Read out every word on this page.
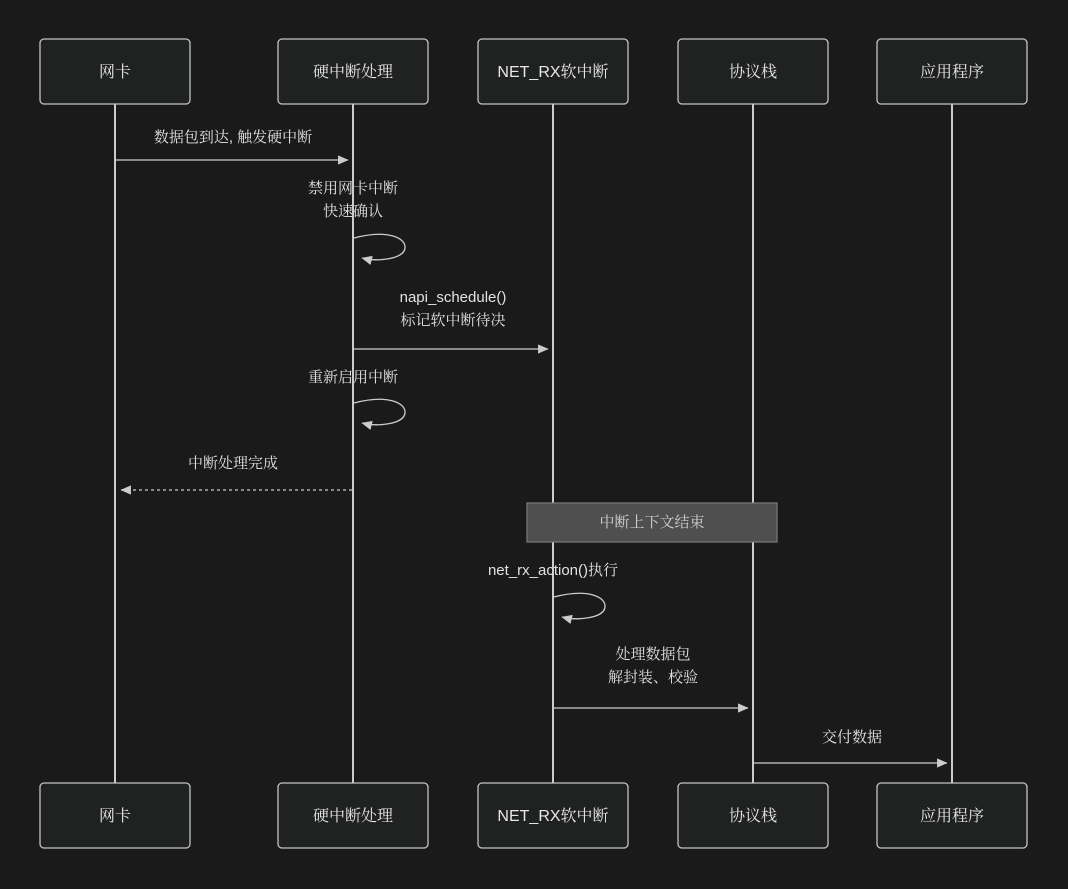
网卡	硬中断处理	NET_RX软中断	协议栈	应用程序
数据包到达, 触发硬中断
禁用网卡中断
快速确认
napi_schedule()
标记软中断待决
重新启用中断
中断处理完成
中断上下文结束
net_rx_action()执行
处理数据包
解封装、校验
交付数据
网卡	硬中断处理	NET_RX软中断	协议栈	应用程序
